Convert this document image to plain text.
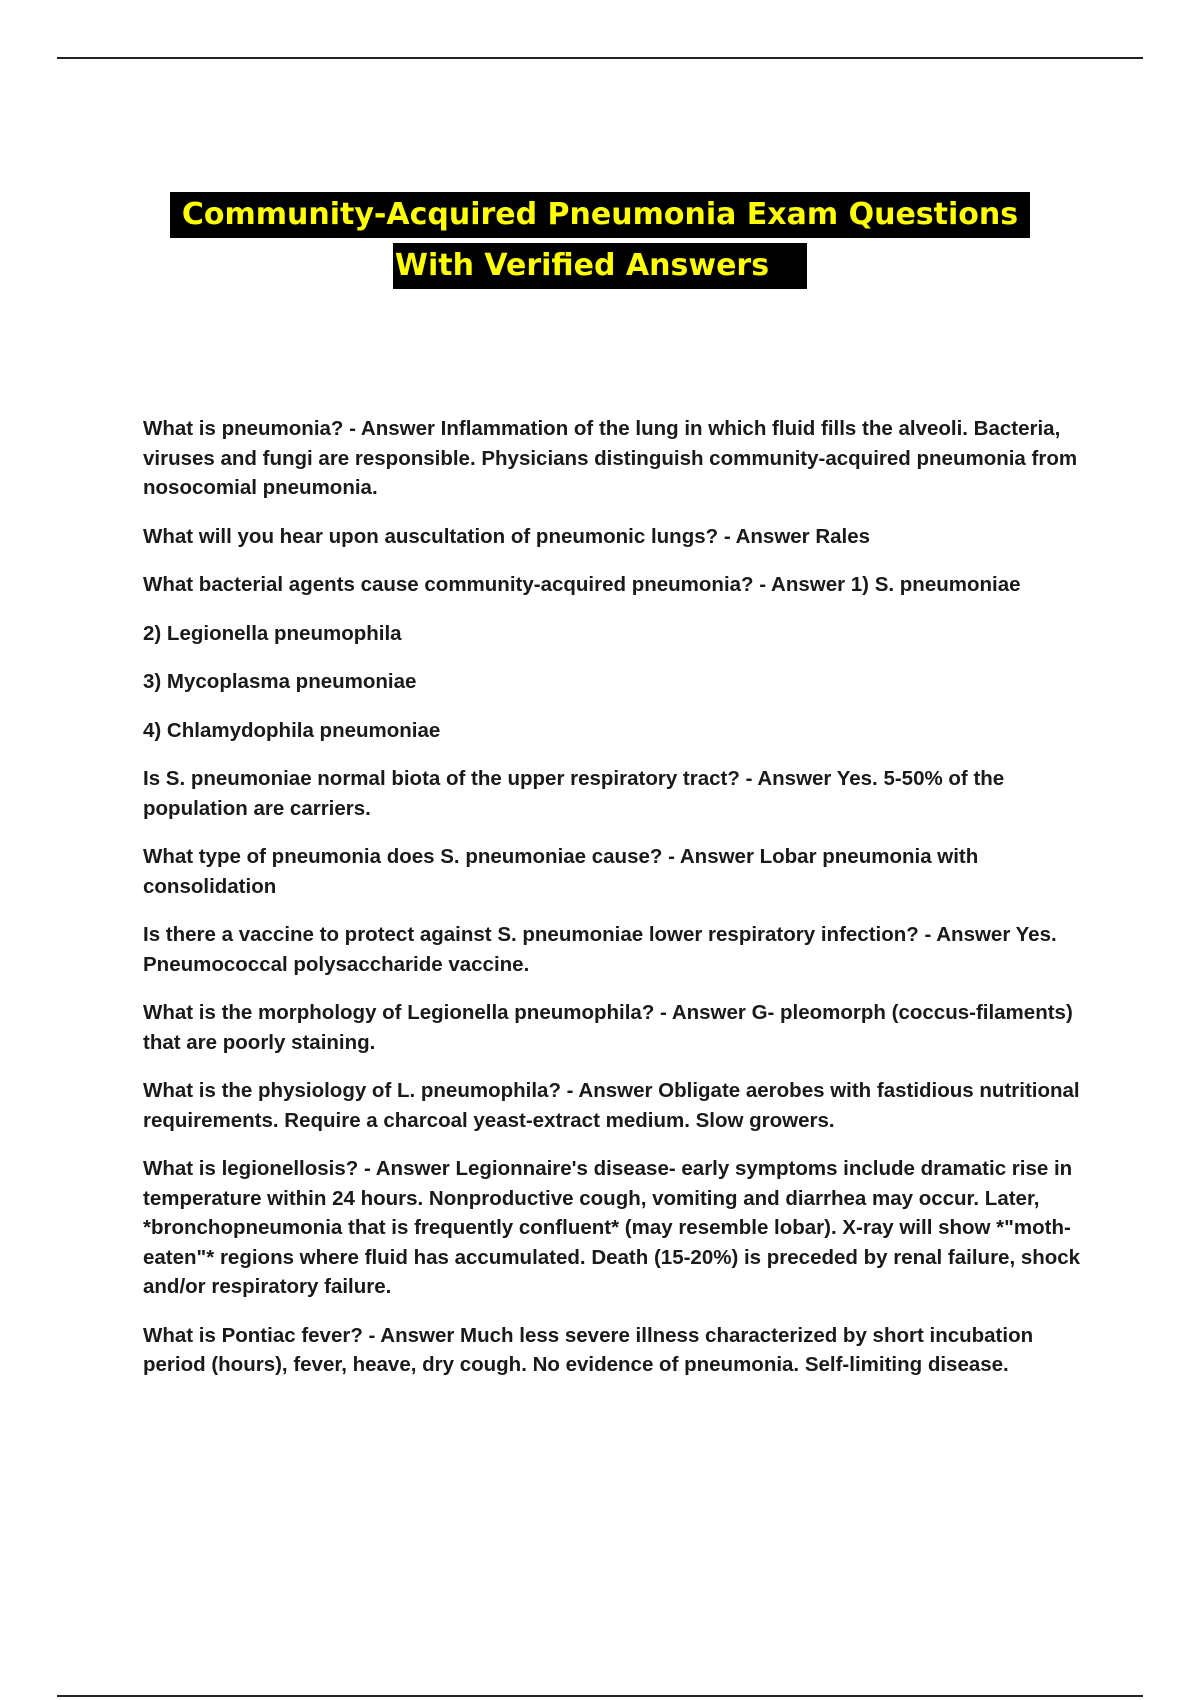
Community-Acquired Pneumonia Exam Questions
With Verified Answers

What is pneumonia? - Answer Inflammation of the lung in which fluid fills the alveoli. Bacteria, viruses and fungi are responsible. Physicians distinguish community-acquired pneumonia from nosocomial pneumonia.

What will you hear upon auscultation of pneumonic lungs? - Answer Rales

What bacterial agents cause community-acquired pneumonia? - Answer 1) S. pneumoniae

2) Legionella pneumophila

3) Mycoplasma pneumoniae

4) Chlamydophila pneumoniae

Is S. pneumoniae normal biota of the upper respiratory tract? - Answer Yes. 5-50% of the population are carriers.

What type of pneumonia does S. pneumoniae cause? - Answer Lobar pneumonia with consolidation

Is there a vaccine to protect against S. pneumoniae lower respiratory infection? - Answer Yes. Pneumococcal polysaccharide vaccine.

What is the morphology of Legionella pneumophila? - Answer G- pleomorph (coccus-filaments) that are poorly staining.

What is the physiology of L. pneumophila? - Answer Obligate aerobes with fastidious nutritional requirements. Require a charcoal yeast-extract medium. Slow growers.

What is legionellosis? - Answer Legionnaire's disease- early symptoms include dramatic rise in temperature within 24 hours. Nonproductive cough, vomiting and diarrhea may occur. Later, *bronchopneumonia that is frequently confluent* (may resemble lobar). X-ray will show *"moth-eaten"* regions where fluid has accumulated. Death (15-20%) is preceded by renal failure, shock and/or respiratory failure.

What is Pontiac fever? - Answer Much less severe illness characterized by short incubation period (hours), fever, heave, dry cough. No evidence of pneumonia. Self-limiting disease.
